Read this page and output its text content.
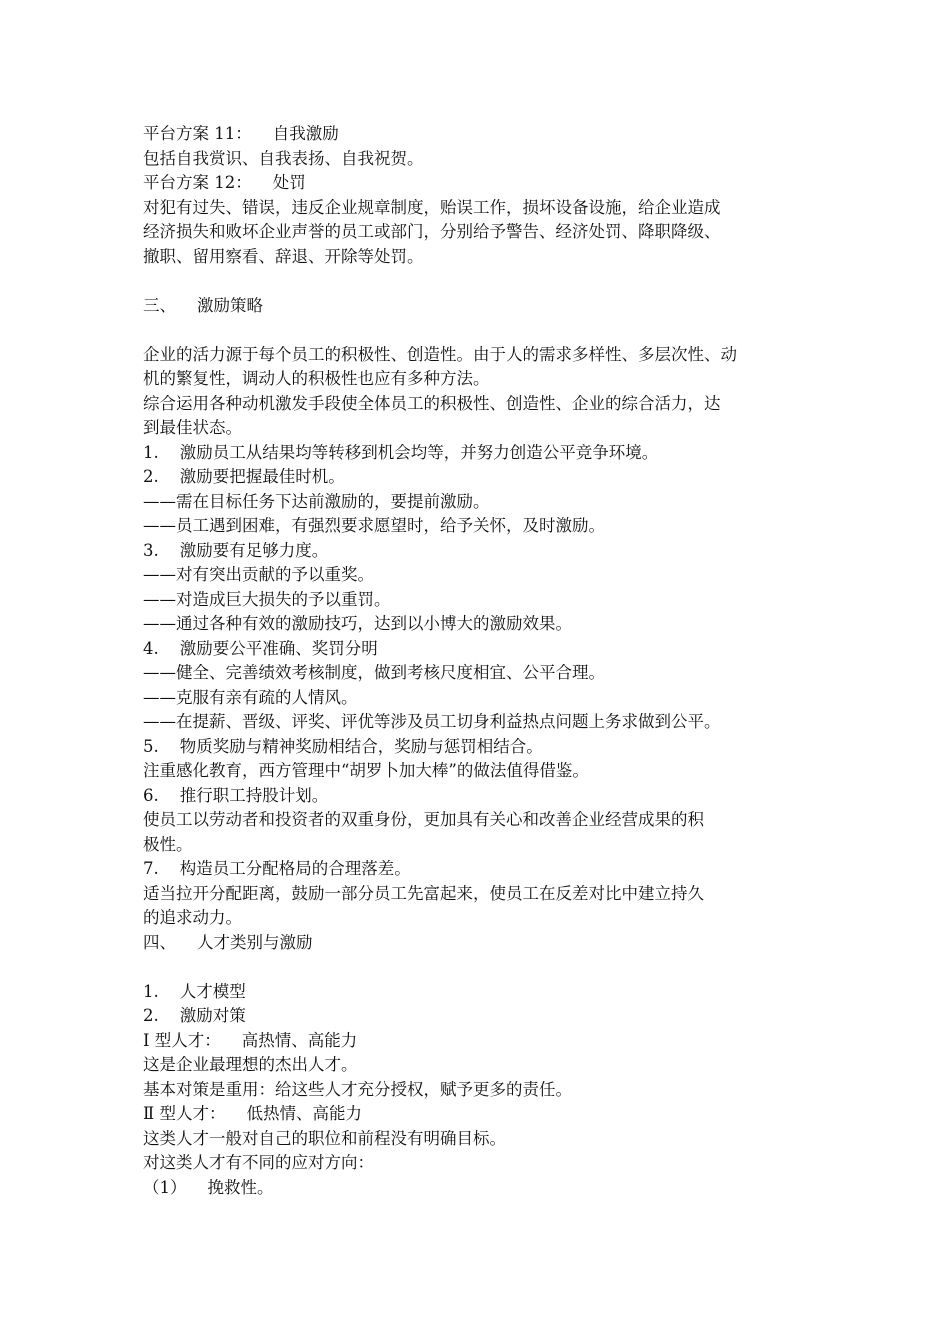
平台方案 11：    自我激励
包括自我赏识、自我表扬、自我祝贺。
平台方案 12：    处罚
对犯有过失、错误，违反企业规章制度，贻误工作，损坏设备设施，给企业造成
经济损失和败坏企业声誉的员工或部门，分别给予警告、经济处罚、降职降级、
撤职、留用察看、辞退、开除等处罚。
三、    激励策略
企业的活力源于每个员工的积极性、创造性。由于人的需求多样性、多层次性、动
机的繁复性，调动人的积极性也应有多种方法。
综合运用各种动机激发手段使全体员工的积极性、创造性、企业的综合活力，达
到最佳状态。
1.    激励员工从结果均等转移到机会均等，并努力创造公平竞争环境。
2.    激励要把握最佳时机。
——需在目标任务下达前激励的，要提前激励。
——员工遇到困难，有强烈要求愿望时，给予关怀，及时激励。
3.    激励要有足够力度。
——对有突出贡献的予以重奖。
——对造成巨大损失的予以重罚。
——通过各种有效的激励技巧，达到以小博大的激励效果。
4.    激励要公平准确、奖罚分明
——健全、完善绩效考核制度，做到考核尺度相宜、公平合理。
——克服有亲有疏的人情风。
——在提薪、晋级、评奖、评优等涉及员工切身利益热点问题上务求做到公平。
5.    物质奖励与精神奖励相结合，奖励与惩罚相结合。
注重感化教育，西方管理中“胡罗卜加大棒”的做法值得借鉴。
6.    推行职工持股计划。
使员工以劳动者和投资者的双重身份，更加具有关心和改善企业经营成果的积
极性。
7.    构造员工分配格局的合理落差。
适当拉开分配距离，鼓励一部分员工先富起来，使员工在反差对比中建立持久
的追求动力。
四、    人才类别与激励
1.    人才模型
2.    激励对策
Ⅰ 型人才：    高热情、高能力
这是企业最理想的杰出人才。
基本对策是重用：给这些人才充分授权，赋予更多的责任。
Ⅱ 型人才：    低热情、高能力
这类人才一般对自己的职位和前程没有明确目标。
对这类人才有不同的应对方向：
（1）    挽救性。
